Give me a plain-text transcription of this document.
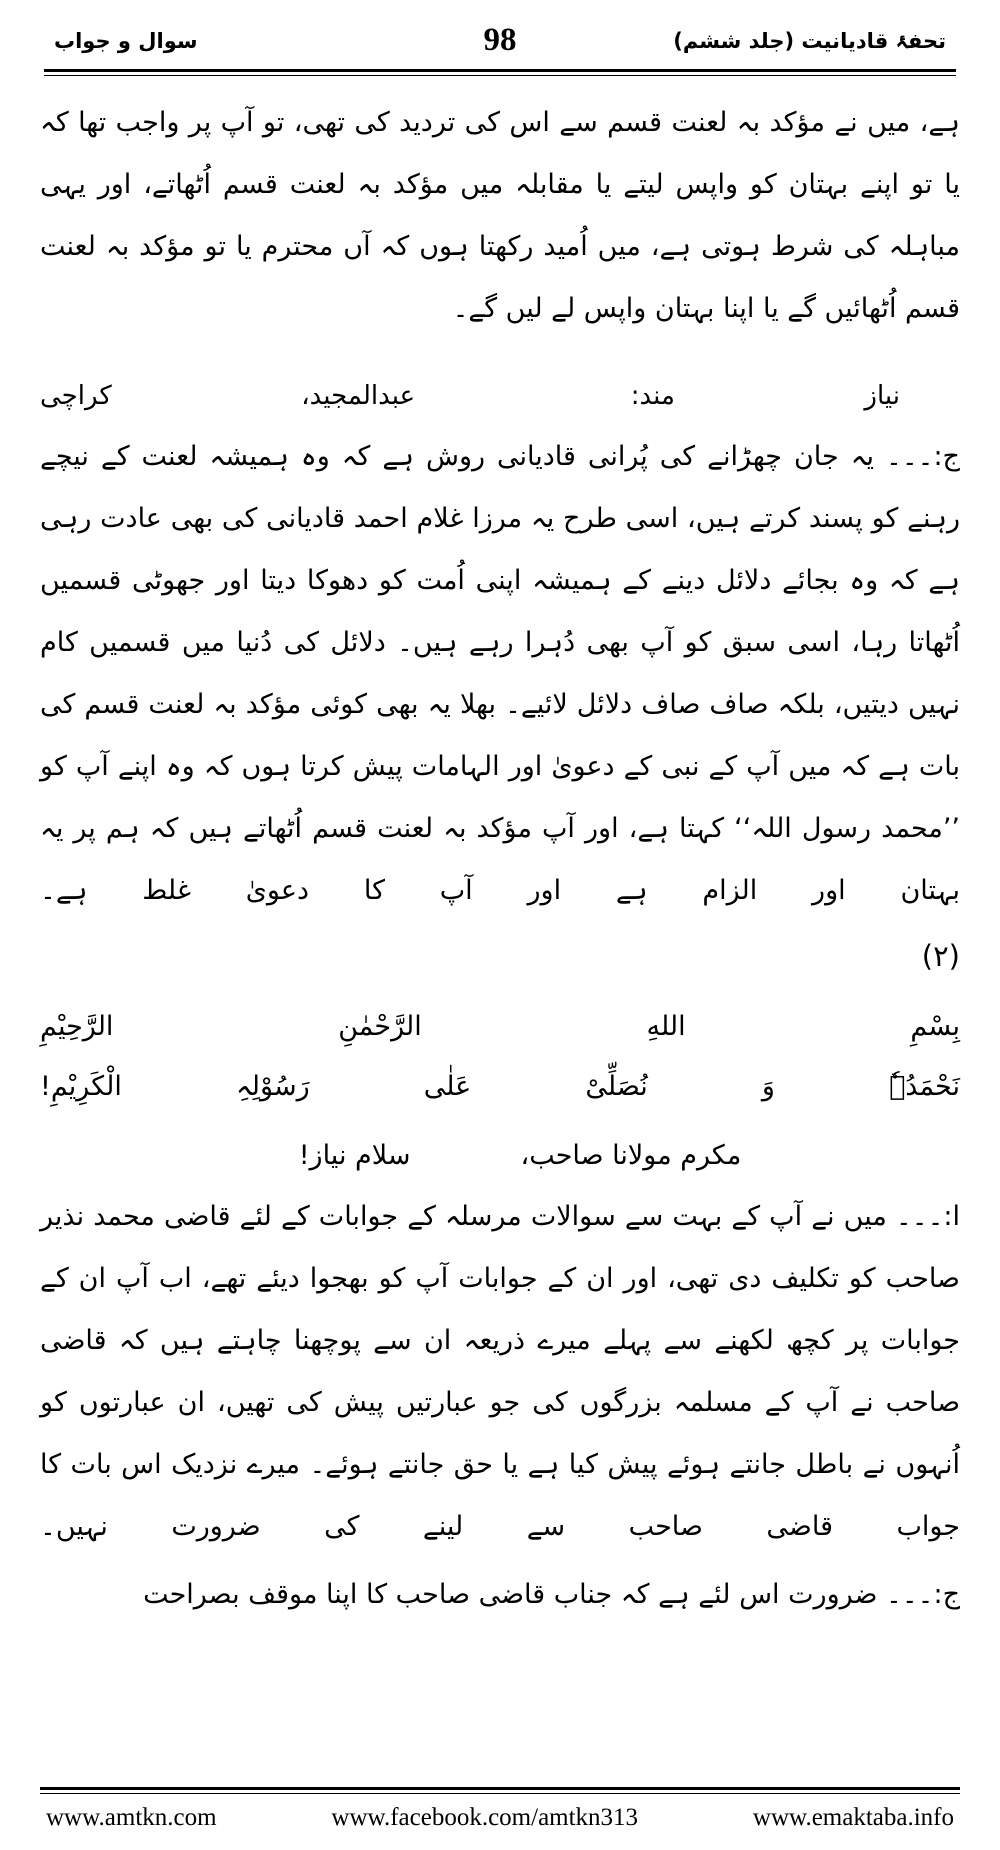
تحفۂ قادیانیت (جلد ششم)
98
سوال و جواب

ہے، میں نے مؤکد بہ لعنت قسم سے اس کی تردید کی تھی، تو آپ پر واجب تھا کہ یا تو اپنے بہتان کو واپس لیتے یا مقابلہ میں مؤکد بہ لعنت قسم اُٹھاتے، اور یہی مباہلہ کی شرط ہوتی ہے، میں اُمید رکھتا ہوں کہ آں محترم یا تو مؤکد بہ لعنت قسم اُٹھائیں گے یا اپنا بہتان واپس لے لیں گے۔

نیاز مند: عبدالمجید، کراچی

ج:۔۔۔ یہ جان چھڑانے کی پُرانی قادیانی روش ہے کہ وہ ہمیشہ لعنت کے نیچے رہنے کو پسند کرتے ہیں، اسی طرح یہ مرزا غلام احمد قادیانی کی بھی عادت رہی ہے کہ وہ بجائے دلائل دینے کے ہمیشہ اپنی اُمت کو دھوکا دیتا اور جھوٹی قسمیں اُٹھاتا رہا، اسی سبق کو آپ بھی دُہرا رہے ہیں۔ دلائل کی دُنیا میں قسمیں کام نہیں دیتیں، بلکہ صاف صاف دلائل لائیے۔ بھلا یہ بھی کوئی مؤکد بہ لعنت قسم کی بات ہے کہ میں آپ کے نبی کے دعویٰ اور الہامات پیش کرتا ہوں کہ وہ اپنے آپ کو ’’محمد رسول اللہ‘‘ کہتا ہے، اور آپ مؤکد بہ لعنت قسم اُٹھاتے ہیں کہ ہم پر یہ بہتان اور الزام ہے اور آپ کا دعویٰ غلط ہے۔

(۲)
بِسْمِ اللهِ الرَّحْمٰنِ الرَّحِیْمِ
نَحْمَدُہٗ وَ نُصَلِّیْ عَلٰی رَسُوْلِہِ الْکَرِیْمِ!
مکرم مولانا صاحب،
سلام نیاز!

ا:۔۔۔ میں نے آپ کے بہت سے سوالات مرسلہ کے جوابات کے لئے قاضی محمد نذیر صاحب کو تکلیف دی تھی، اور ان کے جوابات آپ کو بھجوا دیئے تھے، اب آپ ان کے جوابات پر کچھ لکھنے سے پہلے میرے ذریعہ ان سے پوچھنا چاہتے ہیں کہ قاضی صاحب نے آپ کے مسلمہ بزرگوں کی جو عبارتیں پیش کی تھیں، ان عبارتوں کو اُنہوں نے باطل جانتے ہوئے پیش کیا ہے یا حق جانتے ہوئے۔ میرے نزدیک اس بات کا جواب قاضی صاحب سے لینے کی ضرورت نہیں۔

ج:۔۔۔ ضرورت اس لئے ہے کہ جناب قاضی صاحب کا اپنا موقف بصراحت

www.amtkn.com	www.facebook.com/amtkn313	www.emaktaba.info
